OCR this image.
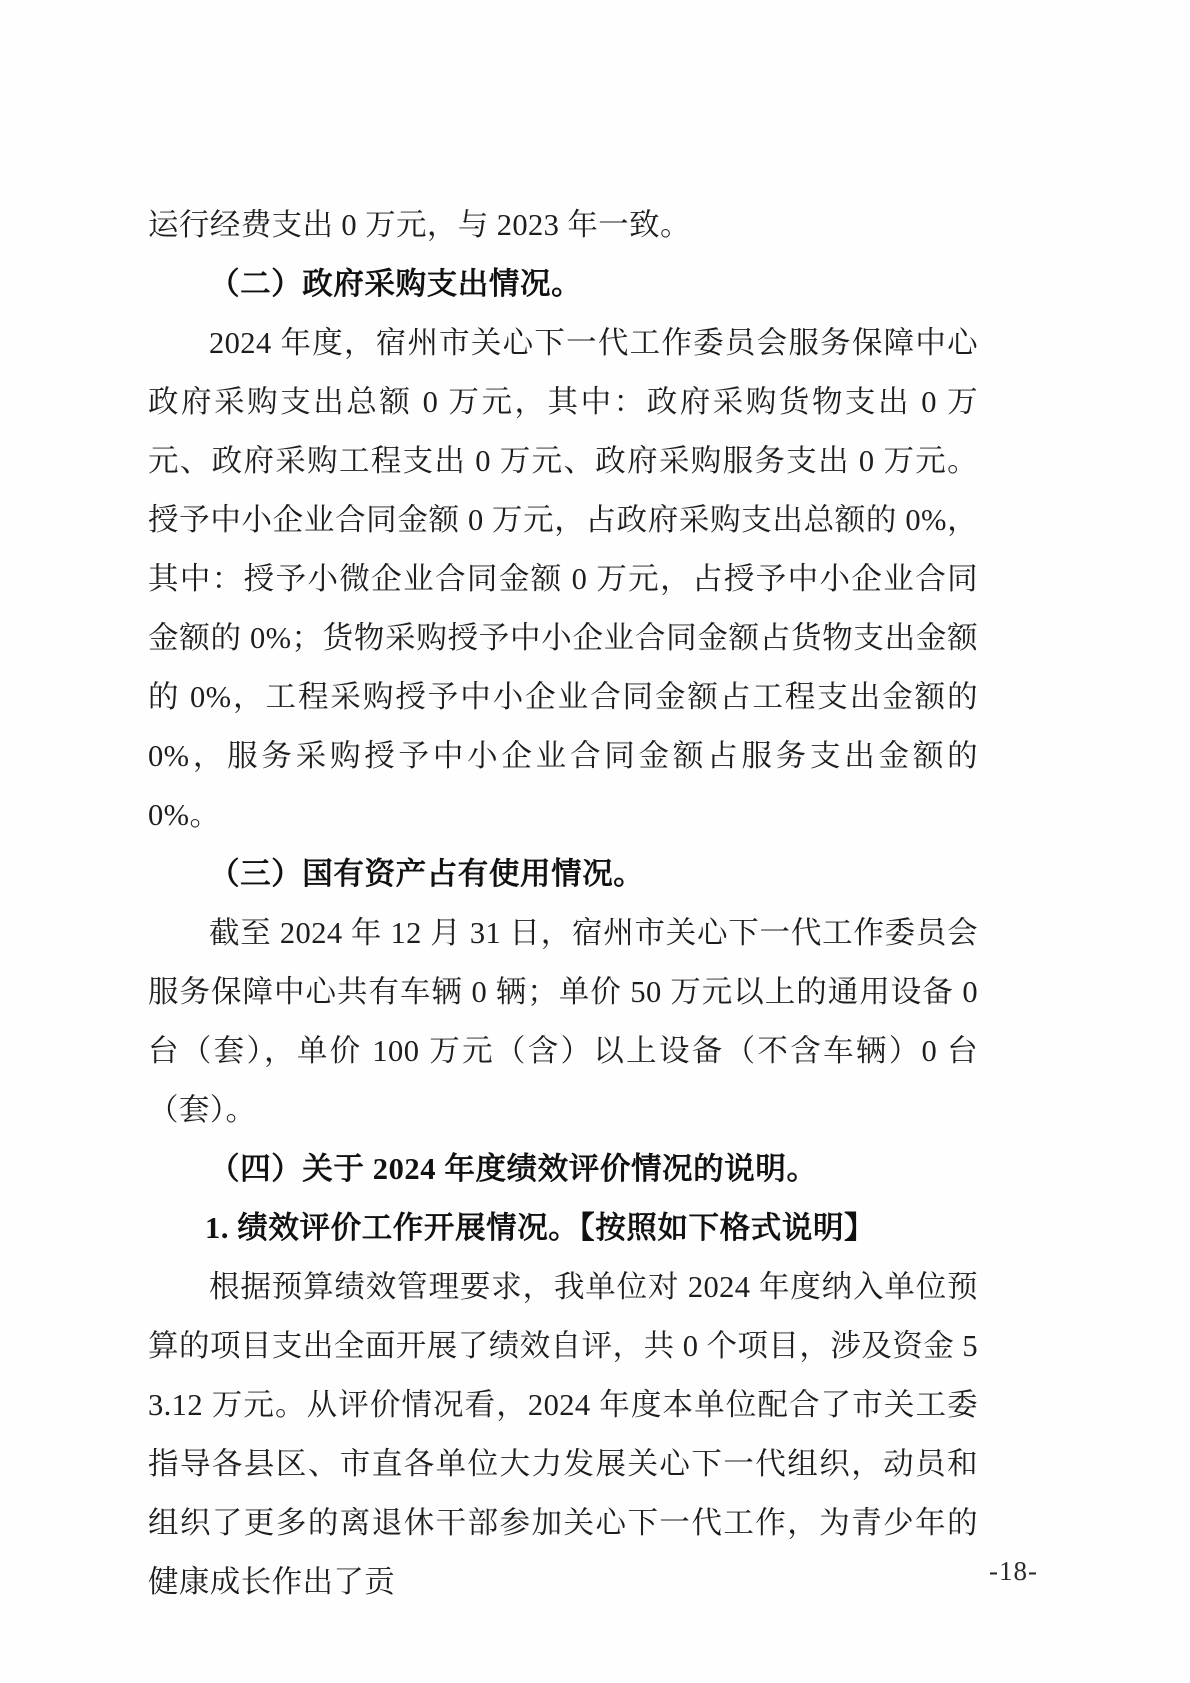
运行经费支出 0 万元，与 2023 年一致。

（二）政府采购支出情况。

2024 年度，宿州市关心下一代工作委员会服务保障中心政府采购支出总额 0 万元，其中：政府采购货物支出 0 万元、政府采购工程支出 0 万元、政府采购服务支出 0 万元。授予中小企业合同金额 0 万元，占政府采购支出总额的 0%，其中：授予小微企业合同金额 0 万元，占授予中小企业合同金额的 0%；货物采购授予中小企业合同金额占货物支出金额的 0%，工程采购授予中小企业合同金额占工程支出金额的 0%，服务采购授予中小企业合同金额占服务支出金额的 0%。

（三）国有资产占有使用情况。

截至 2024 年 12 月 31 日，宿州市关心下一代工作委员会服务保障中心共有车辆 0 辆；单价 50 万元以上的通用设备 0 台（套），单价 100 万元（含）以上设备（不含车辆）0 台（套）。

（四）关于 2024 年度绩效评价情况的说明。

1. 绩效评价工作开展情况。【按照如下格式说明】

根据预算绩效管理要求，我单位对 2024 年度纳入单位预算的项目支出全面开展了绩效自评，共 0 个项目，涉及资金 53.12 万元。从评价情况看，2024 年度本单位配合了市关工委指导各县区、市直各单位大力发展关心下一代组织，动员和组织了更多的离退休干部参加关心下一代工作，为青少年的健康成长作出了贡	-18-
